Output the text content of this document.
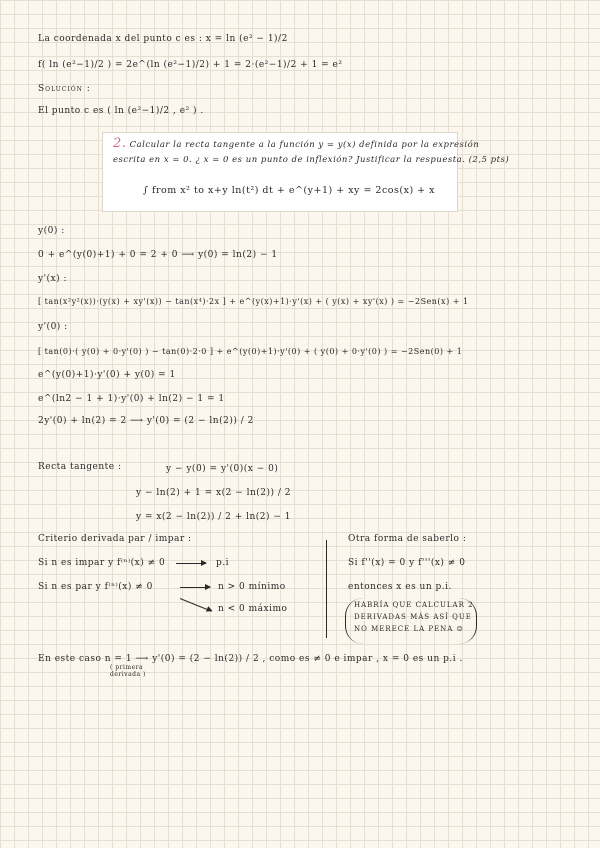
La coordenada x del punto c es : x = ln (e² − 1)/2
f( ln (e²−1)/2 ) = 2e^(ln (e²−1)/2) + 1 = 2·(e²−1)/2 + 1 = e²
Solución :
El punto c es ( ln (e²−1)/2 , e² ) .
2. Calcular la recta tangente a la función y = y(x) definida por la expresión
escrita en x = 0. ¿ x = 0 es un punto de inflexión? Justificar la respuesta. (2,5 pts)
∫ from x² to x+y ln(t²) dt + e^(y+1) + xy = 2cos(x) + x
y(0) :
0 + e^(y(0)+1) + 0 = 2 + 0 ⟶ y(0) = ln(2) − 1
y'(x) :
[ tan(x²y²(x))·(y(x) + xy'(x)) − tan(x⁴)·2x ] + e^(y(x)+1)·y'(x) + ( y(x) + xy'(x) ) = −2Sen(x) + 1
y'(0) :
[ tan(0)·( y(0) + 0·y'(0) ) − tan(0)·2·0 ] + e^(y(0)+1)·y'(0) + ( y(0) + 0·y'(0) ) = −2Sen(0) + 1
e^(y(0)+1)·y'(0) + y(0) = 1
e^(ln2 − 1 + 1)·y'(0) + ln(2) − 1 = 1
2y'(0) + ln(2) = 2 ⟶ y'(0) = (2 − ln(2)) / 2
Recta tangente :	y − y(0) = y'(0)(x − 0)
y − ln(2) + 1 = x(2 − ln(2)) / 2
y = x(2 − ln(2)) / 2 + ln(2) − 1
Criterio derivada par / impar :
Si n es impar y f⁽ⁿ⁾(x) ≠ 0	p.i
Si n es par y f⁽ⁿ⁾(x) ≠ 0	n > 0 mínimo
n < 0 máximo
Otra forma de saberlo :
Si f''(x) = 0 y f'''(x) ≠ 0
entonces x es un p.i.
HABRÍA QUE CALCULAR 2
DERIVADAS MÁS ASÍ QUE
NO MERECE LA PENA ☺
En este caso n = 1 ⟶ y'(0) = (2 − ln(2)) / 2 , como es ≠ 0 e impar , x = 0 es un p.i .
( primera
derivada )
